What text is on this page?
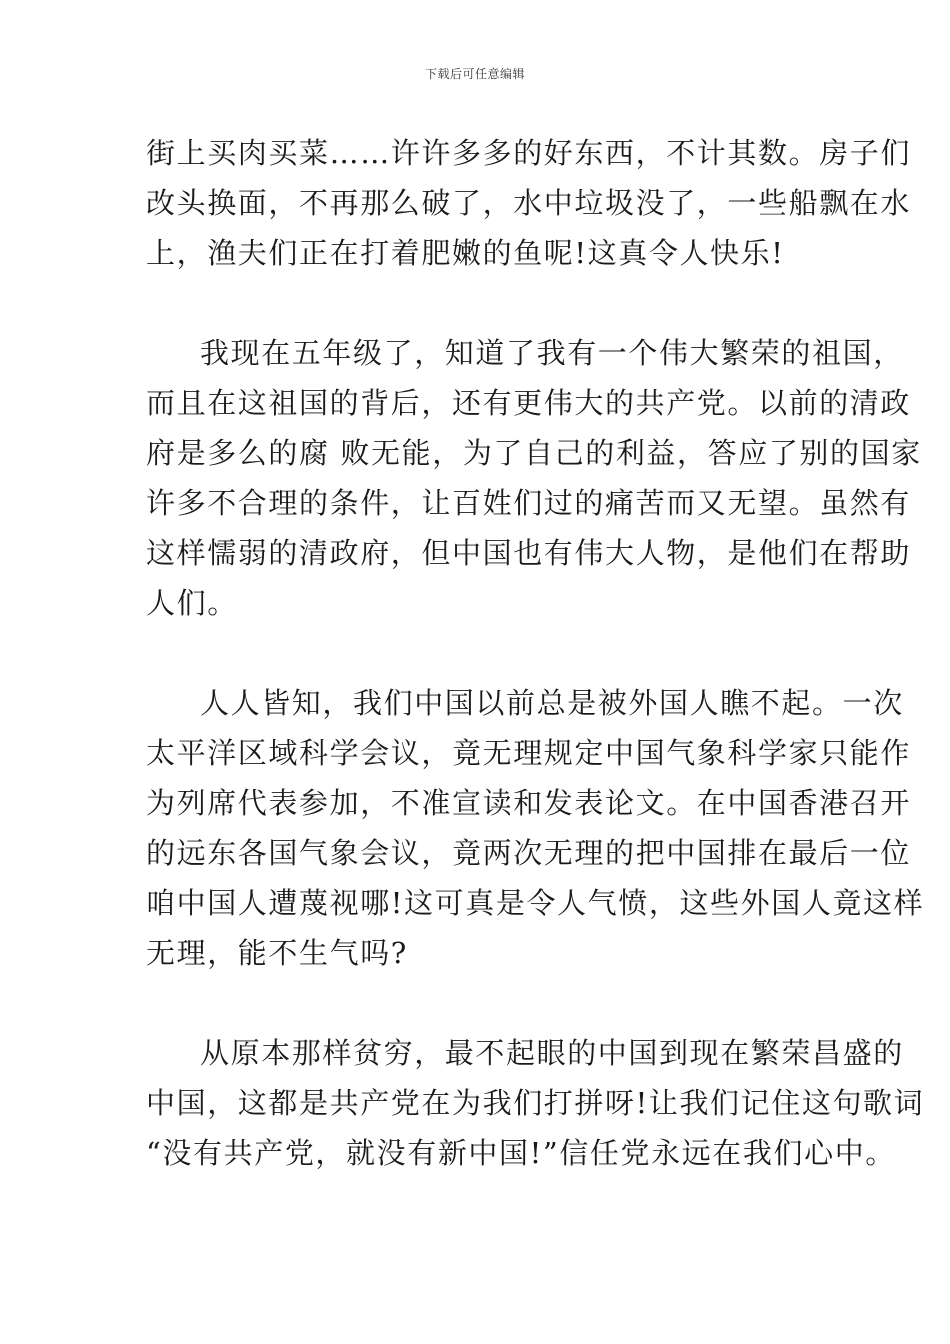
下载后可任意编辑
街上买肉买菜……许许多多的好东西，不计其数。房子们
改头换面，不再那么破了，水中垃圾没了，一些船飘在水
上，渔夫们正在打着肥嫩的鱼呢!这真令人快乐!
我现在五年级了，知道了我有一个伟大繁荣的祖国，
而且在这祖国的背后，还有更伟大的共产党。以前的清政
府是多么的腐 败无能，为了自己的利益，答应了别的国家
许多不合理的条件，让百姓们过的痛苦而又无望。虽然有
这样懦弱的清政府，但中国也有伟大人物，是他们在帮助
人们。
人人皆知，我们中国以前总是被外国人瞧不起。一次
太平洋区域科学会议，竟无理规定中国气象科学家只能作
为列席代表参加，不准宣读和发表论文。在中国香港召开
的远东各国气象会议，竟两次无理的把中国排在最后一位
咱中国人遭蔑视哪!这可真是令人气愤，这些外国人竟这样
无理，能不生气吗?
从原本那样贫穷，最不起眼的中国到现在繁荣昌盛的
中国，这都是共产党在为我们打拼呀!让我们记住这句歌词
“没有共产党，就没有新中国!”信任党永远在我们心中。
